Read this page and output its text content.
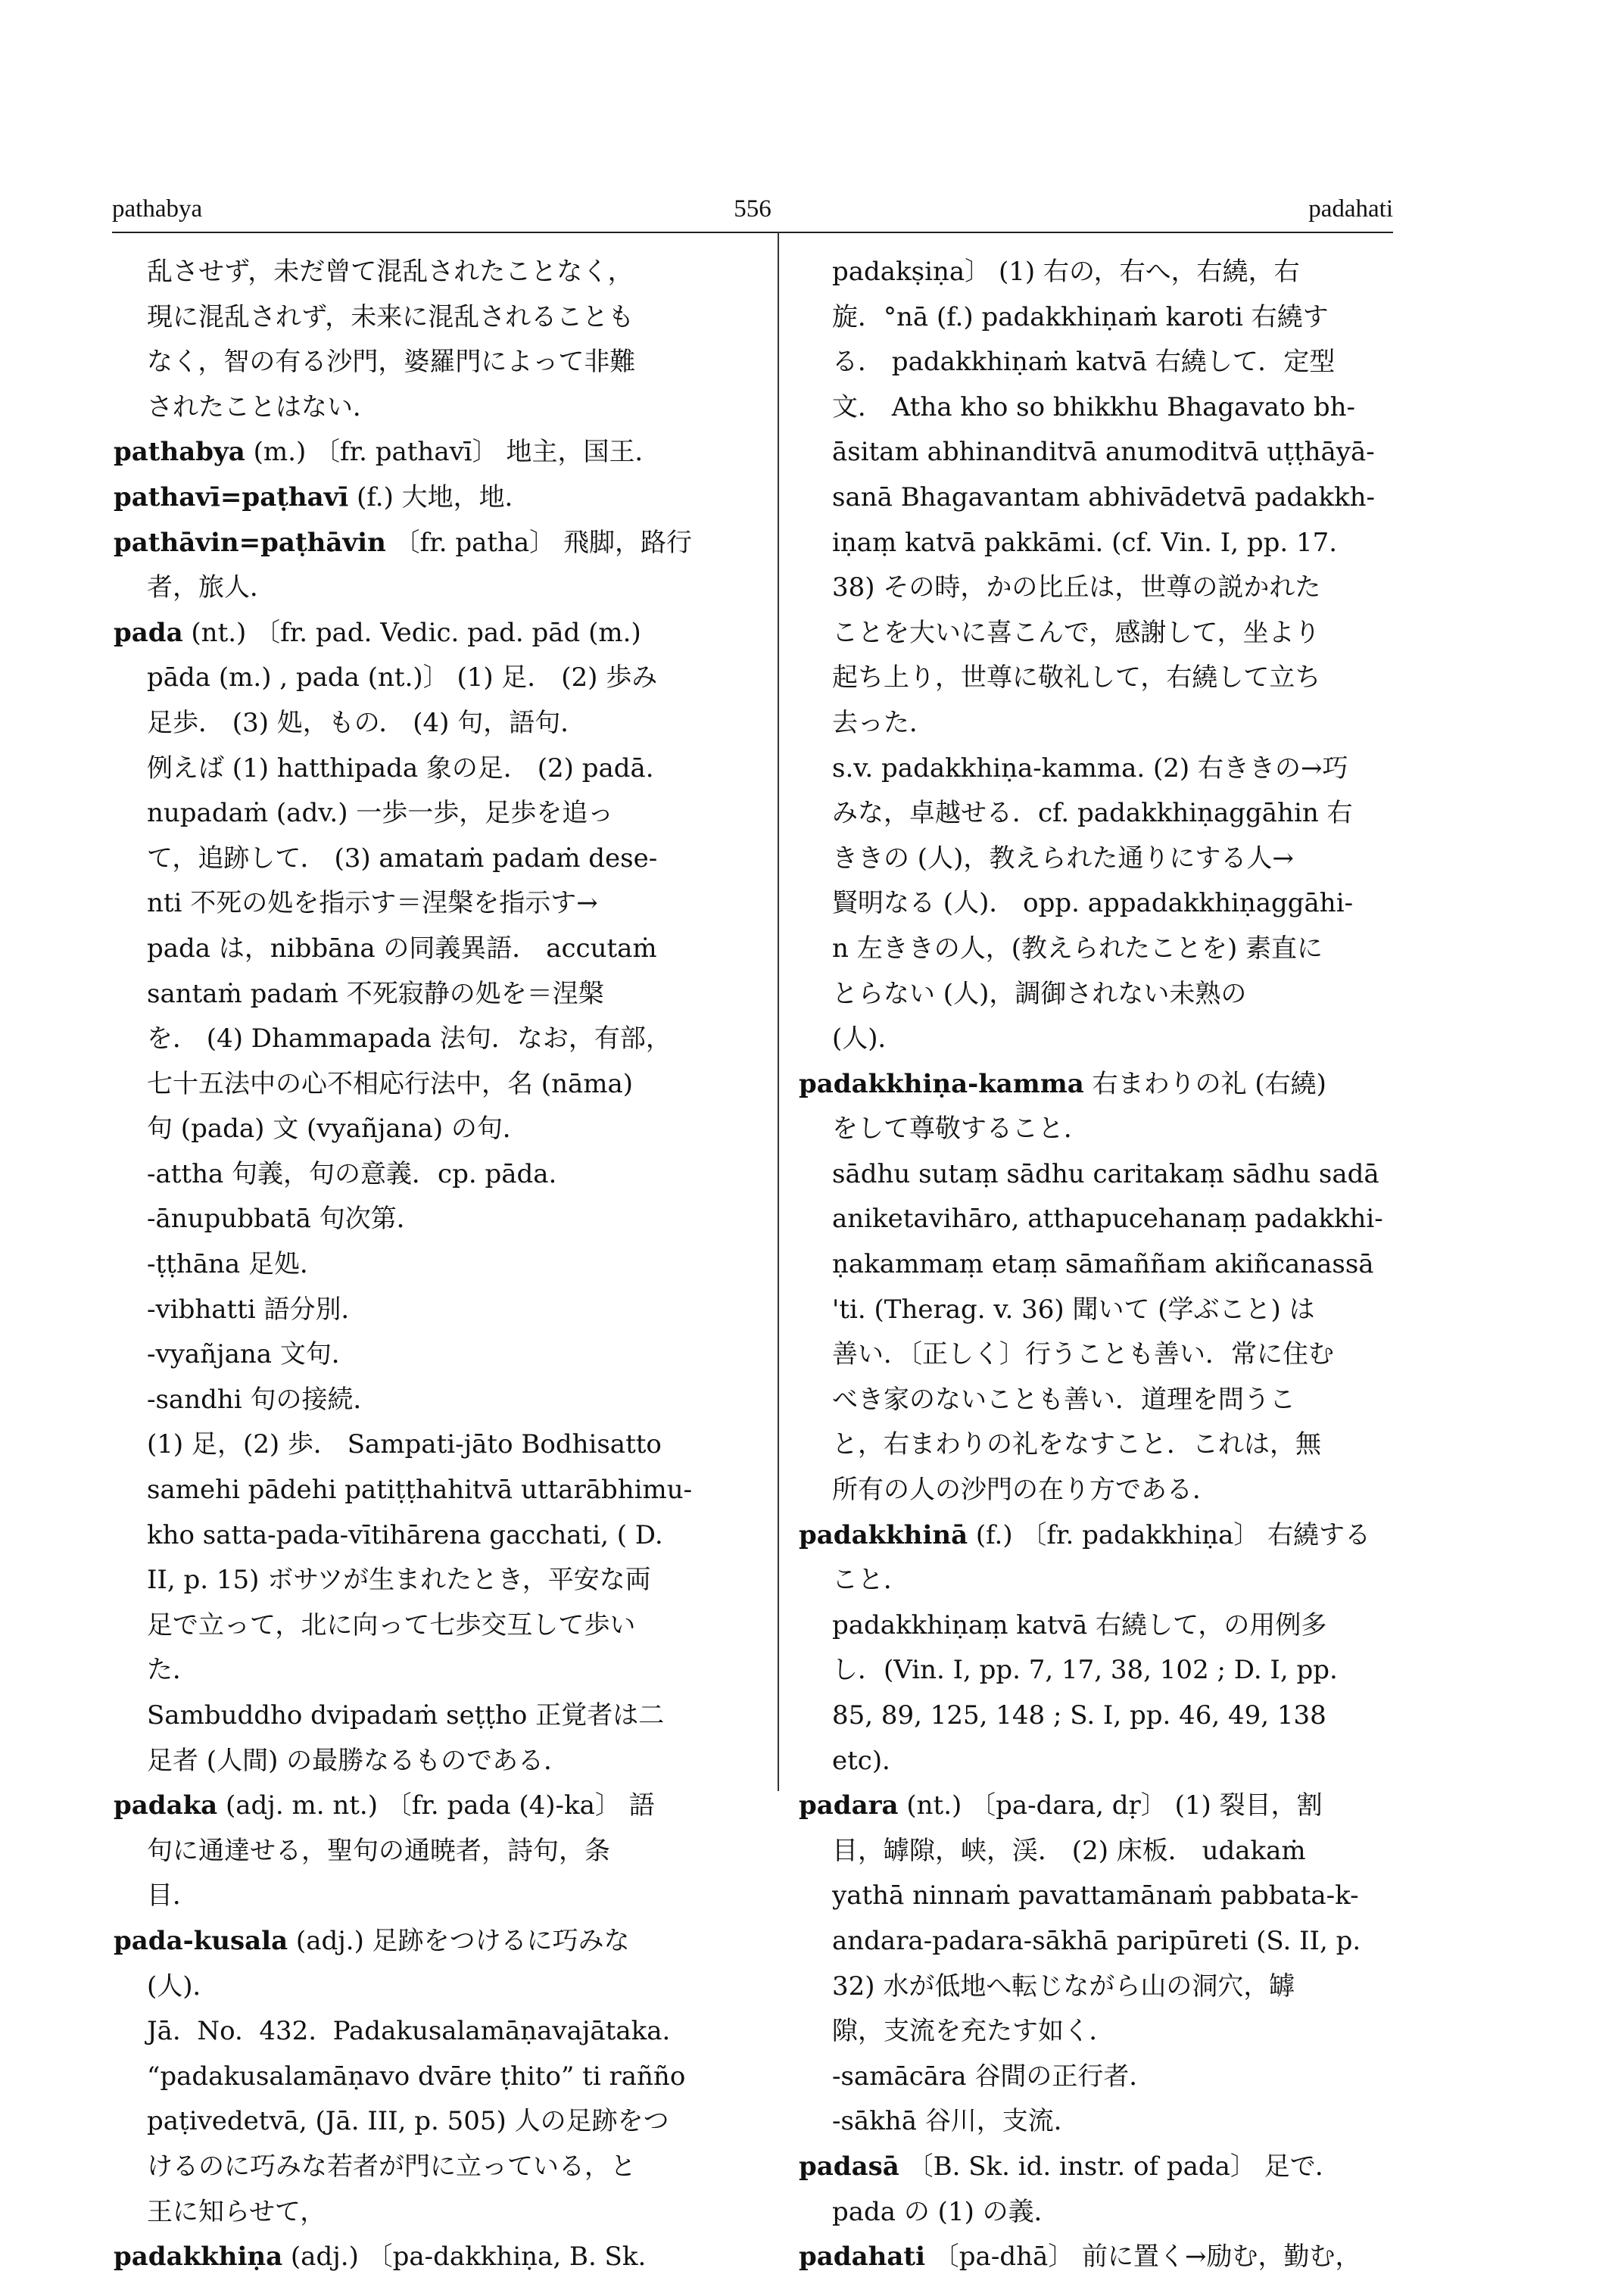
pathabya	556	padahati
乱させず，未だ曾て混乱されたことなく，
現に混乱されず，未来に混乱されることも
なく，智の有る沙門，婆羅門によって非難
されたことはない．
pathabya (m.) 〔fr. pathavī〕 地主，国王．
pathavī=paṭhavī (f.) 大地，地．
pathāvin=paṭhāvin 〔fr. patha〕 飛脚，路行
者，旅人．
pada (nt.) 〔fr. pad. Vedic. pad. pād (m.)
pāda (m.) , pada (nt.)〕 (1) 足． (2) 歩み
足歩． (3) 処，もの． (4) 句，語句．
例えば (1) hatthipada 象の足． (2) padā.
nupadaṁ (adv.) 一歩一歩，足歩を追っ
て，追跡して． (3) amataṁ padaṁ dese-
nti 不死の処を指示す＝涅槃を指示す→
pada は，nibbāna の同義異語． accutaṁ
santaṁ padaṁ 不死寂静の処を＝涅槃
を． (4) Dhammapada 法句．なお，有部，
七十五法中の心不相応行法中，名 (nāma)
句 (pada) 文 (vyañjana) の句．
-attha 句義，句の意義．cp. pāda.
-ānupubbatā 句次第．
-ṭṭhāna 足処．
-vibhatti 語分別．
-vyañjana 文句．
-sandhi 句の接続．
(1) 足，(2) 歩． Sampati-jāto Bodhisatto
samehi pādehi patiṭṭhahitvā uttarābhimu-
kho satta-pada-vītihārena gacchati, ( D.
II, p. 15) ボサツが生まれたとき，平安な両
足で立って，北に向って七歩交互して歩い
た．
Sambuddho dvipadaṁ seṭṭho 正覚者は二
足者 (人間) の最勝なるものである．
padaka (adj. m. nt.) 〔fr. pada (4)-ka〕 語
句に通達せる，聖句の通暁者，詩句，条
目．
pada-kusala (adj.) 足跡をつけるに巧みな
(人)．
Jā.  No.  432.  Padakusalamāṇavajātaka.
“padakusalamāṇavo dvāre ṭhito” ti rañño
paṭivedetvā, (Jā. III, p. 505) 人の足跡をつ
けるのに巧みな若者が門に立っている，と
王に知らせて，
padakkhiṇa (adj.) 〔pa-dakkhiṇa, B. Sk.
padakṣiṇa〕 (1) 右の，右へ，右繞，右
旋．°nā (f.) padakkhiṇaṁ karoti 右繞す
る． padakkhiṇaṁ katvā 右繞して．定型
文． Atha kho so bhikkhu Bhagavato bh-
āsitam abhinanditvā anumoditvā uṭṭhāyā-
sanā Bhagavantam abhivādetvā padakkh-
iṇaṃ katvā pakkāmi. (cf. Vin. I, pp. 17.
38) その時，かの比丘は，世尊の説かれた
ことを大いに喜こんで，感謝して，坐より
起ち上り，世尊に敬礼して，右繞して立ち
去った．
s.v. padakkhiṇa-kamma. (2) 右ききの→巧
みな，卓越せる．cf. padakkhiṇaggāhin 右
ききの (人)，教えられた通りにする人→
賢明なる (人)． opp. appadakkhiṇaggāhi-
n 左ききの人，(教えられたことを) 素直に
とらない (人)，調御されない未熟の
(人)．
padakkhiṇa-kamma 右まわりの礼 (右繞)
をして尊敬すること．
sādhu sutaṃ sādhu caritakaṃ sādhu sadā
aniketavihāro, atthapucehanaṃ padakkhi-
ṇakammaṃ etaṃ sāmaññam akiñcanassā
'ti. (Therag. v. 36) 聞いて (学ぶこと) は
善い．〔正しく〕行うことも善い．常に住む
べき家のないことも善い．道理を問うこ
と，右まわりの礼をなすこと．これは，無
所有の人の沙門の在り方である．
padakkhinā (f.) 〔fr. padakkhiṇa〕 右繞する
こと．
padakkhiṇaṃ katvā 右繞して，の用例多
し．(Vin. I, pp. 7, 17, 38, 102 ; D. I, pp.
85, 89, 125, 148 ; S. I, pp. 46, 49, 138
etc)．
padara (nt.) 〔pa-dara, dṛ〕 (1) 裂目，割
目，罅隙，峡，渓． (2) 床板． udakaṁ
yathā ninnaṁ pavattamānaṁ pabbata-k-
andara-padara-sākhā paripūreti (S. II, p.
32) 水が低地へ転じながら山の洞穴，罅
隙，支流を充たす如く．
-samācāra 谷間の正行者．
-sākhā 谷川，支流．
padasā 〔B. Sk. id. instr. of pada〕 足で．
pada の (1) の義．
padahati 〔pa-dhā〕 前に置く→励む，勤む，
